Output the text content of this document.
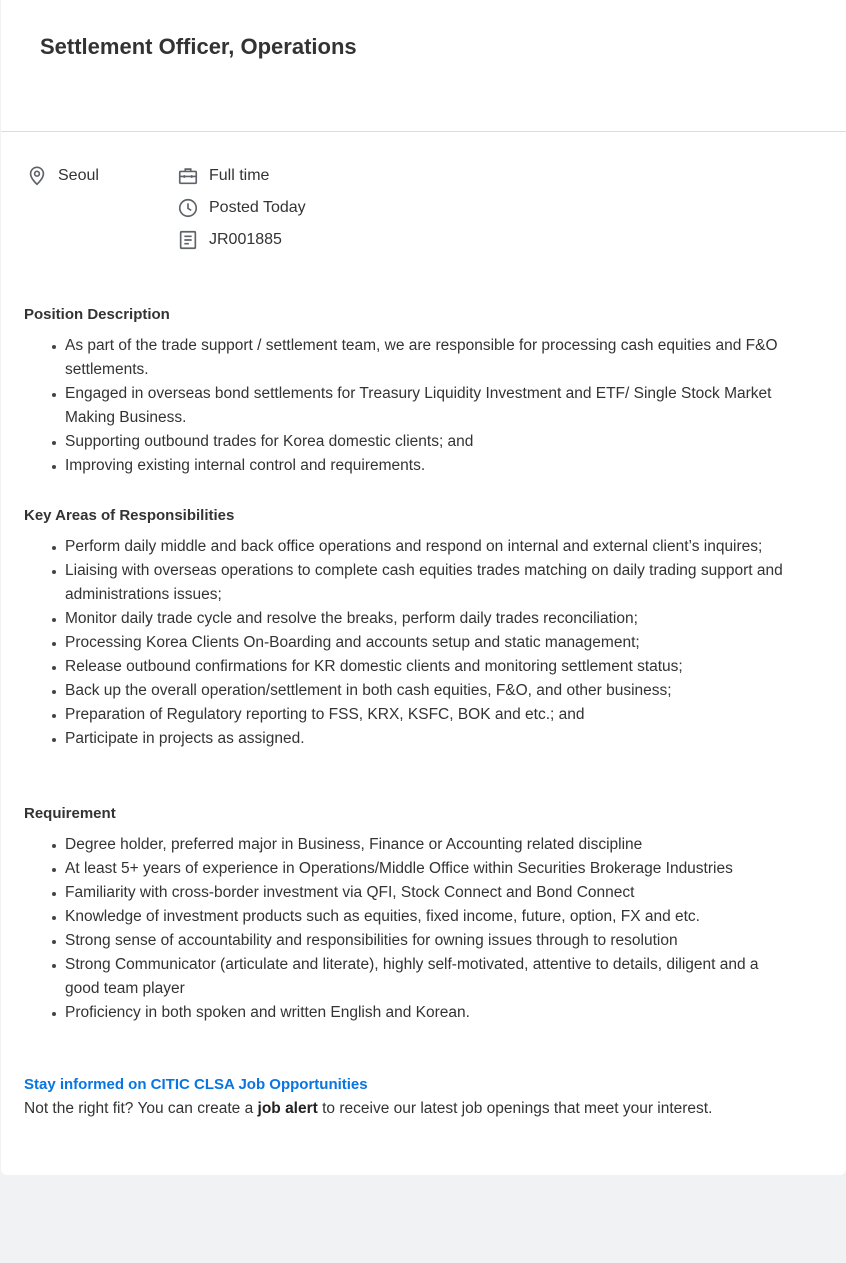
Settlement Officer, Operations
Seoul	Full time
Posted Today
JR001885
Position Description
As part of the trade support / settlement team, we are responsible for processing cash equities and F&O settlements.
Engaged in overseas bond settlements for Treasury Liquidity Investment and ETF/ Single Stock Market Making Business.
Supporting outbound trades for Korea domestic clients; and
Improving existing internal control and requirements.
Key Areas of Responsibilities
Perform daily middle and back office operations and respond on internal and external client’s inquires;
Liaising with overseas operations to complete cash equities trades matching on daily trading support and administrations issues;
Monitor daily trade cycle and resolve the breaks, perform daily trades reconciliation;
Processing Korea Clients On-Boarding and accounts setup and static management;
Release outbound confirmations for KR domestic clients and monitoring settlement status;
Back up the overall operation/settlement in both cash equities, F&O, and other business;
Preparation of Regulatory reporting to FSS, KRX, KSFC, BOK and etc.; and
Participate in projects as assigned.
Requirement
Degree holder, preferred major in Business, Finance or Accounting related discipline
At least 5+ years of experience in Operations/Middle Office within Securities Brokerage Industries
Familiarity with cross-border investment via QFI, Stock Connect and Bond Connect
Knowledge of investment products such as equities, fixed income, future, option, FX and etc.
Strong sense of accountability and responsibilities for owning issues through to resolution
Strong Communicator (articulate and literate), highly self-motivated, attentive to details, diligent and a good team player
Proficiency in both spoken and written English and Korean.
Stay informed on CITIC CLSA Job Opportunities
Not the right fit? You can create a job alert to receive our latest job openings that meet your interest.
